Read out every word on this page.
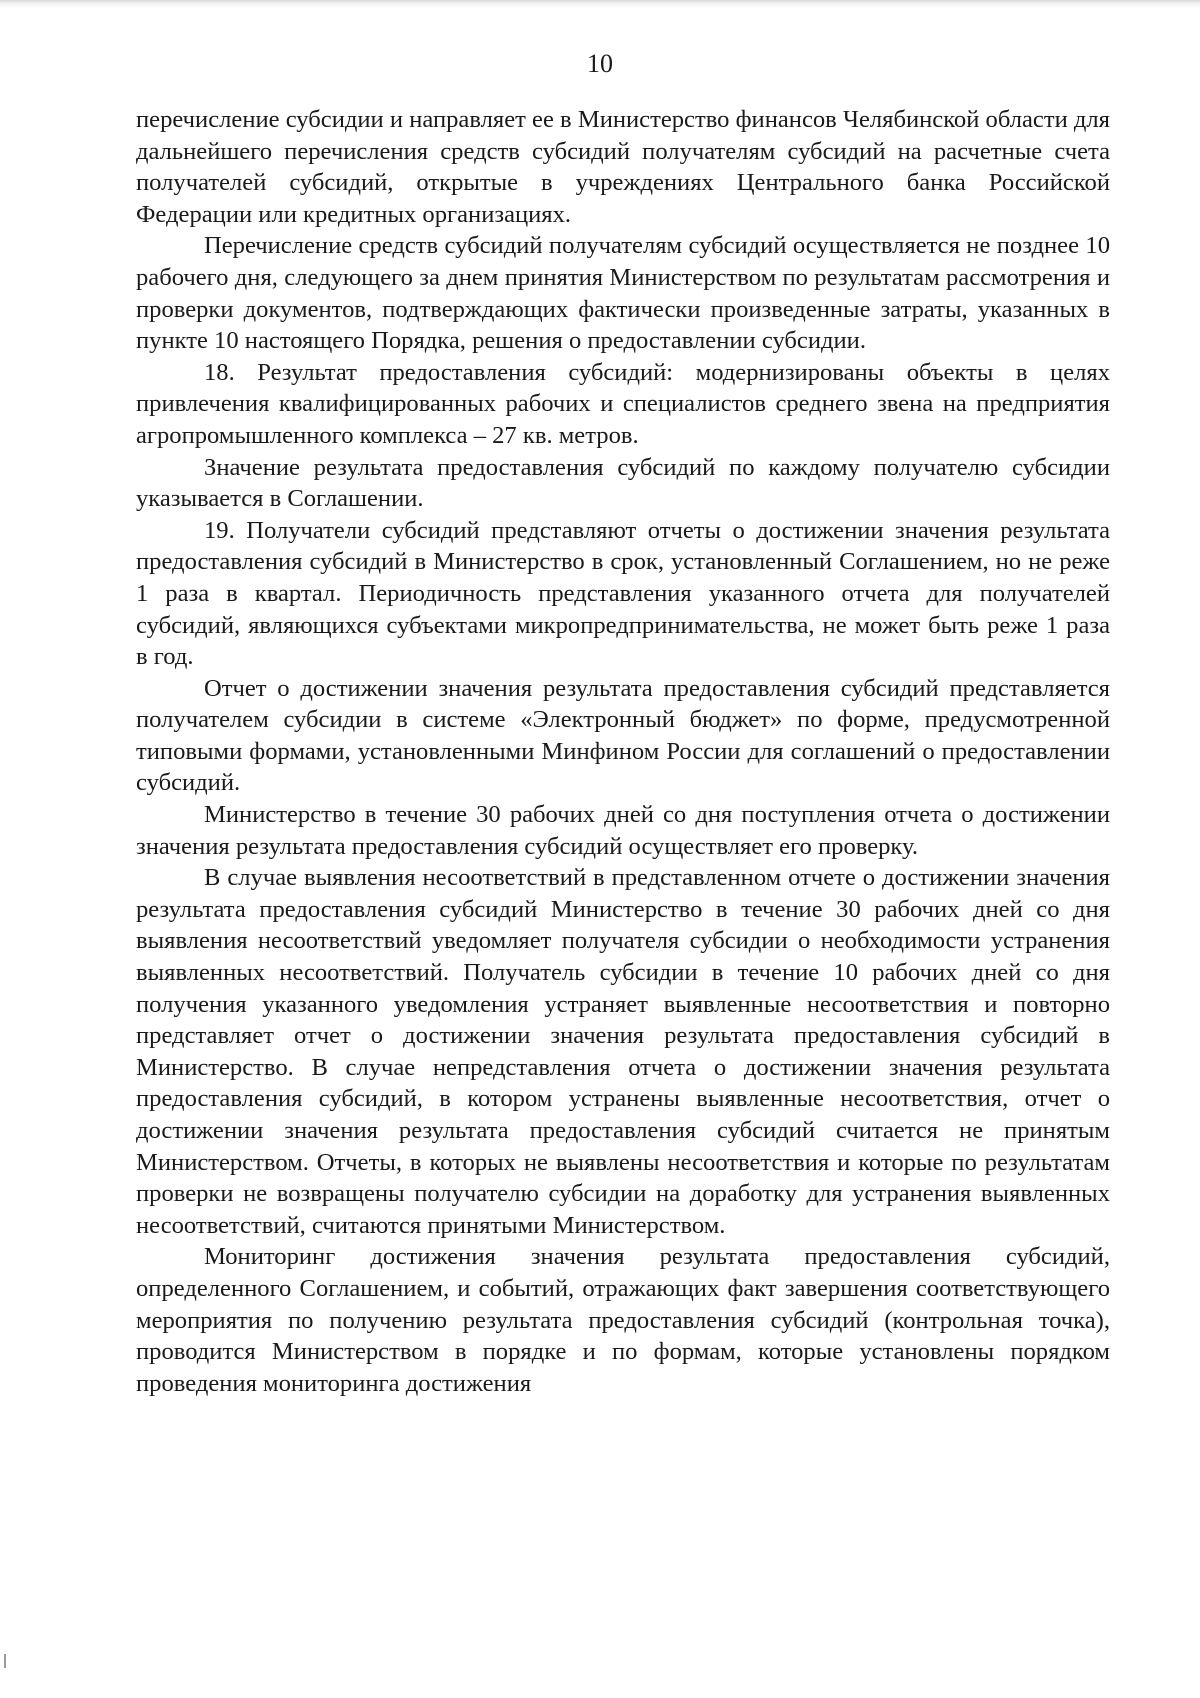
10

перечисление субсидии и направляет ее в Министерство финансов Челябинской области для дальнейшего перечисления средств субсидий получателям субсидий на расчетные счета получателей субсидий, открытые в учреждениях Центрального банка Российской Федерации или кредитных организациях.

Перечисление средств субсидий получателям субсидий осуществляется не позднее 10 рабочего дня, следующего за днем принятия Министерством по результатам рассмотрения и проверки документов, подтверждающих фактически произведенные затраты, указанных в пункте 10 настоящего Порядка, решения о предоставлении субсидии.

18. Результат предоставления субсидий: модернизированы объекты в целях привлечения квалифицированных рабочих и специалистов среднего звена на предприятия агропромышленного комплекса – 27 кв. метров.

Значение результата предоставления субсидий по каждому получателю субсидии указывается в Соглашении.

19. Получатели субсидий представляют отчеты о достижении значения результата предоставления субсидий в Министерство в срок, установленный Соглашением, но не реже 1 раза в квартал. Периодичность представления указанного отчета для получателей субсидий, являющихся субъектами микропредпринимательства, не может быть реже 1 раза в год.

Отчет о достижении значения результата предоставления субсидий представляется получателем субсидии в системе «Электронный бюджет» по форме, предусмотренной типовыми формами, установленными Минфином России для соглашений о предоставлении субсидий.

Министерство в течение 30 рабочих дней со дня поступления отчета о достижении значения результата предоставления субсидий осуществляет его проверку.

В случае выявления несоответствий в представленном отчете о достижении значения результата предоставления субсидий Министерство в течение 30 рабочих дней со дня выявления несоответствий уведомляет получателя субсидии о необходимости устранения выявленных несоответствий. Получатель субсидии в течение 10 рабочих дней со дня получения указанного уведомления устраняет выявленные несоответствия и повторно представляет отчет о достижении значения результата предоставления субсидий в Министерство. В случае непредставления отчета о достижении значения результата предоставления субсидий, в котором устранены выявленные несоответствия, отчет о достижении значения результата предоставления субсидий считается не принятым Министерством. Отчеты, в которых не выявлены несоответствия и которые по результатам проверки не возвращены получателю субсидии на доработку для устранения выявленных несоответствий, считаются принятыми Министерством.

Мониторинг достижения значения результата предоставления субсидий, определенного Соглашением, и событий, отражающих факт завершения соответствующего мероприятия по получению результата предоставления субсидий (контрольная точка), проводится Министерством в порядке и по формам, которые установлены порядком проведения мониторинга достижения
